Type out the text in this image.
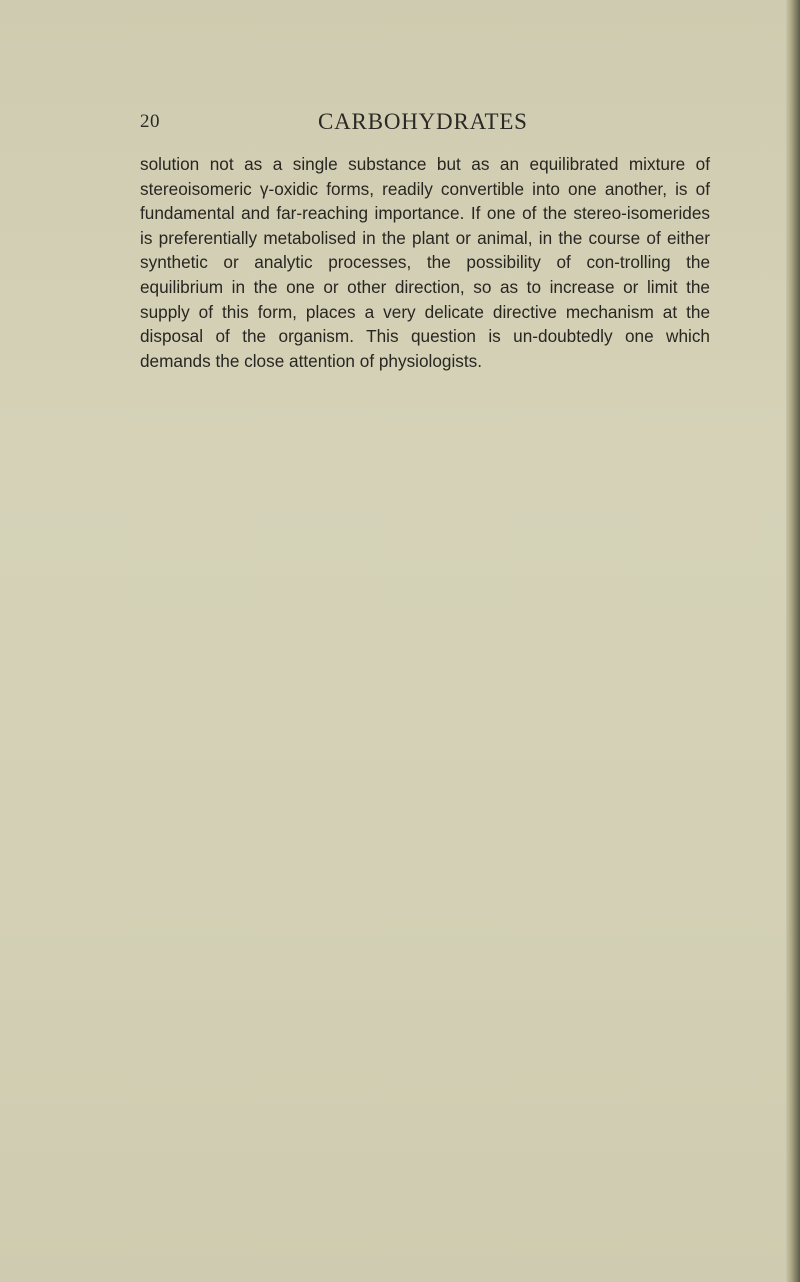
20	CARBOHYDRATES

solution not as a single substance but as an equilibrated mixture of stereoisomeric γ-oxidic forms, readily convertible into one another, is of fundamental and far-reaching importance. If one of the stereo-isomerides is preferentially metabolised in the plant or animal, in the course of either synthetic or analytic processes, the possibility of con-trolling the equilibrium in the one or other direction, so as to increase or limit the supply of this form, places a very delicate directive mechanism at the disposal of the organism. This question is un-doubtedly one which demands the close attention of physiologists.
